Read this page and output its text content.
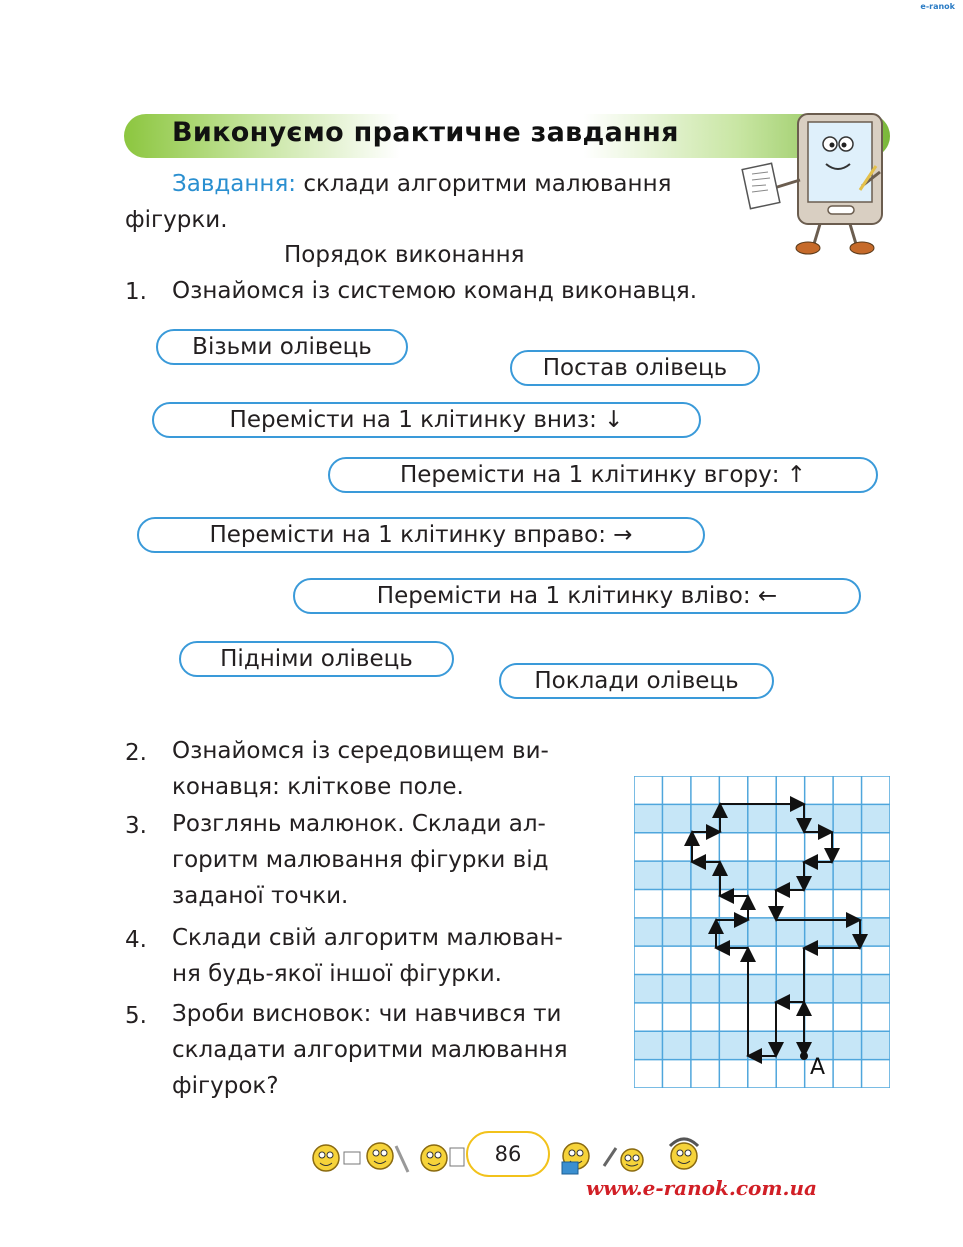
e-ranok
Виконуємо практичне завдання
Завдання: склади алгоритми малювання
фігурки.
Порядок виконання
1. Ознайомся із системою команд виконавця.
Візьми олівець
Постав олівець
Перемісти на 1 клітинку вниз: ↓
Перемісти на 1 клітинку вгору: ↑
Перемісти на 1 клітинку вправо: →
Перемісти на 1 клітинку вліво: ←
Підніми олівець
Поклади олівець
2. Ознайомся із середовищем ви-
конавця: кліткове поле.
3. Розглянь малюнок. Склади ал-
горитм малювання фігурки від
заданої точки.
4. Склади свій алгоритм малюван-
ня будь-якої іншої фігурки.
5. Зроби висновок: чи навчився ти
складати алгоритми малювання
фігурок?
A
86
www.e-ranok.com.ua
